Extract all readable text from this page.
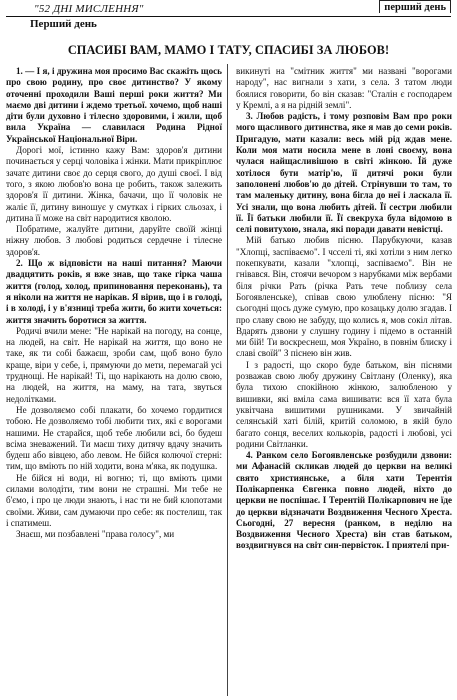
"52 ДНІ МИСЛЕННЯ"	перший день
Перший день
СПАСИБІ ВАМ, МАМО І ТАТУ, СПАСИБІ ЗА ЛЮБОВ!

1. — І я, і дружина моя просимо Вас скажіть щось про свою родину, про своє дитинство? У якому оточенні проходили Ваші перші роки життя? Ми маємо дві дитини і ждемо третьої. хочемо, щоб наші діти були духовно і тілесно здоровими, і жили, щоб вила Україна — славилася Родина Рідної Української Національної Віри.

Дорогі мої, істинно кажу Вам: здоров'я дитини починається у серці чоловіка і жінки. Мати прикріплює зачатє дитини своє до серця свого, до душі своєї. І від того, з якою любов'ю вона це робить, також залежить здоров'я її дитини. Жінка, бачачи, що її чоловік не жаліє її, дитину виношує у смутках і гірких сльозах, і дитина її може на світ народитися кволою.

Побратиме, жалуйте дитини, даруйте своїй жінці ніжну любов. З любові родиться сердечне і тілесне здоров'я.

2. Що ж відповісти на наші питання? Маючи двадцятить років, я вже знав, що таке гірка чаша життя (голод, холод, припиновання переконань), та я ніколи на життя не нарікав. Я вірив, що і в голоді, і в холоді, і у в'язниці треба жити, бо жити хочеться: життя значить боротися за життя.

Родичі вчили мене: "Не нарікай на погоду, на сонце, на людей, на світ. Не нарікай на життя, що воно не таке, як ти собі бажаєш, зроби сам, щоб воно було краще, віри у себе, і, прямуючи до мети, перемагай усі труднощі. Не нарікай! Ті, що нарікають на долю свою, на людей, на життя, на маму, на тата, звуться недолітками.

Не дозволяємо собі плакати, бо хочемо гордитися тобою. Не дозволяємо тобі любити тих, які є ворогами нашими. Не старайся, щоб тебе любили всі, бо будеш всіма зневажений. Ти маєш тиху дитячу вдачу значить будеш або вівцею, або левом. Не бійся колючої стерні: тим, що вміють по ній ходити, вона м'яка, як подушка.

Не бійся ні води, ні вогню; ті, що вміють цими силами володіти, тим вони не страшні. Ми тебе не б'ємо, і про це люди знають, і нас ти не бий клопотами своїми. Живи, сам думаючи про себе: як постелиш, так і спатимеш.

Знаєш, ми позбавлені "права голосу", ми

викинуті на "смітник життя" ми названі "ворогами народу", нас вигнали з хати, з села. З татом люди боялися говорити, бо він сказав: "Сталін є господарем у Кремлі, а я на рідній землі".

3. Любов радість, і тому розповім Вам про роки мого щасливого дитинства, яке я мав до семи років. Пригадую, мати казали: весь мій рід ждав мене. Коли моя мати носила мене в лоні своєму, вона чулася найщасливішою в світі жінкою. Їй дуже хотілося бути матір'ю, її дитячі роки були заполонені любов'ю до дітей. Стрінувши то там, то там маленьку дитину, вона бігла до неї і ласкала її. Усі знали, що вона любить дітей. Її сестри любили її. Її батьки любили її. Її свекруха була відомою в селі повитухою, знала, які поради давати невістці.

Мій батько любив пісню. Парубкуючи, казав "Хлопці, заспіваємо". І чсселі ті, які хотіли з ним легко покепкувати, казали "хлопці, заспіваємо". Він не гнівався. Він, стоячи вечором з нарубками між вербами біля річки Рать (річка Рать тече поблизу села Богоявленське), співав свою улюблену пісню: "Я сьогодні щось дуже сумую, про козацьку долю згадав. І про славу свою не забуду, що колись я, мов сокіл літав. Вдарять дзвони у слушну годину і підемо в останній ми бій! Ти воскреснеш, моя Україно, в повнім блиску і славі своїй" З піснею він жив.

І з радості, що скоро буде батьком, він піснями розважав свою любу дружину Світлану (Оленку), яка була тихою спокійною жінкою, залюбленою у вишивки, які вміла сама вишивати: вся її хата була уквітчана вишитими рушниками. У звичайній селянській хаті білій, критій соломою, в якій було багато сонця, веселих колькорів, радості і любові, усі родини Світланки.

4. Ранком село Богоявленське розбудили дзвони: ми Афанасій скликав людей до церкви на великі свято християнське, а біля хати Терентія Полікарпенка Євгенка повно людей, ніхто до церкви не поспішає. І Терентій Полікарпович не їде до церкви відзначати Воздвиження Чесного Хреста. Сьогодні, 27 вересня (ранком, в неділю на Воздвиження Чесного Хреста) він став батьком, воздвигнувся на світ син-первісток. І приятелі при-
